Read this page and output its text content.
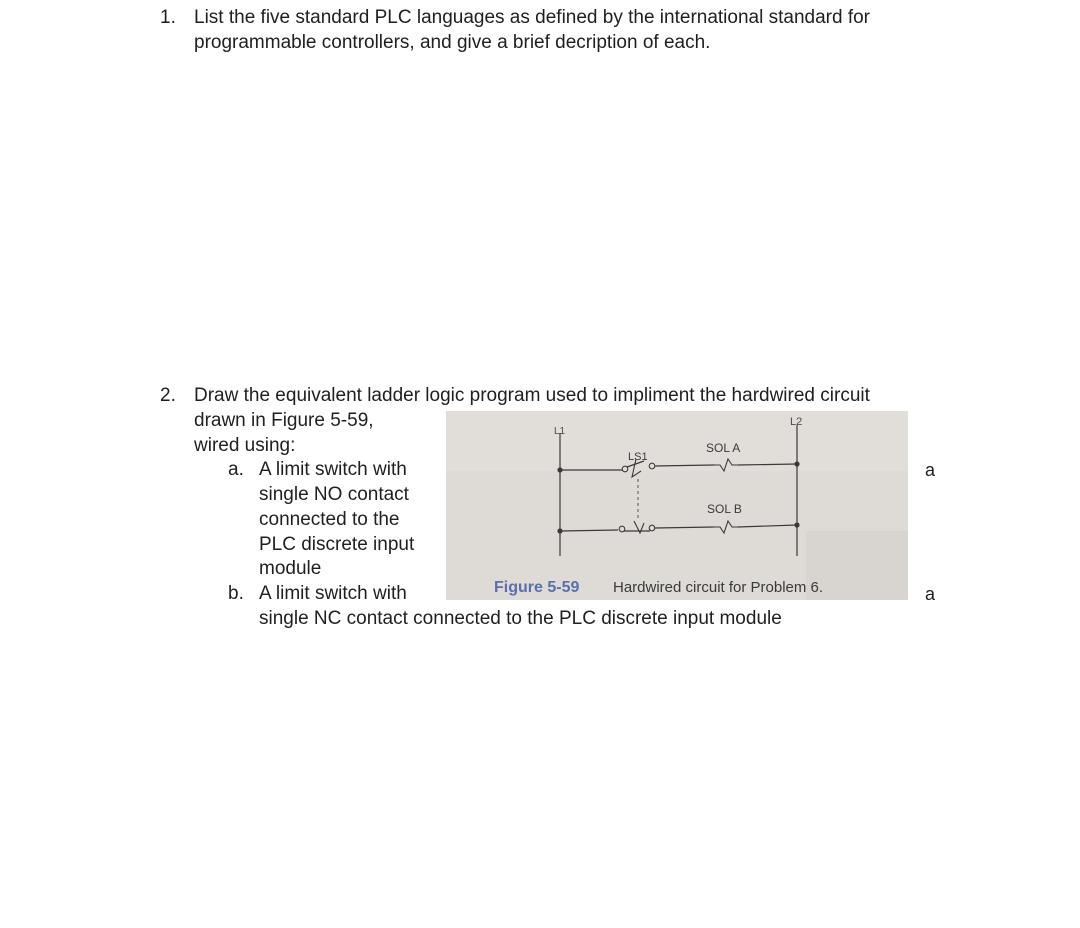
1. List the five standard PLC languages as defined by the international standard for
programmable controllers, and give a brief decription of each.
2. Draw the equivalent ladder logic program used to impliment the hardwired circuit
drawn in Figure 5-59,
wired using:
a. A limit switch with
single NO contact
connected to the
PLC discrete input
module
b. A limit switch with
single NC contact connected to the PLC discrete input module
a
a
L1
L2
LS1
SOL A
SOL B
Figure 5-59 Hardwired circuit for Problem 6.
